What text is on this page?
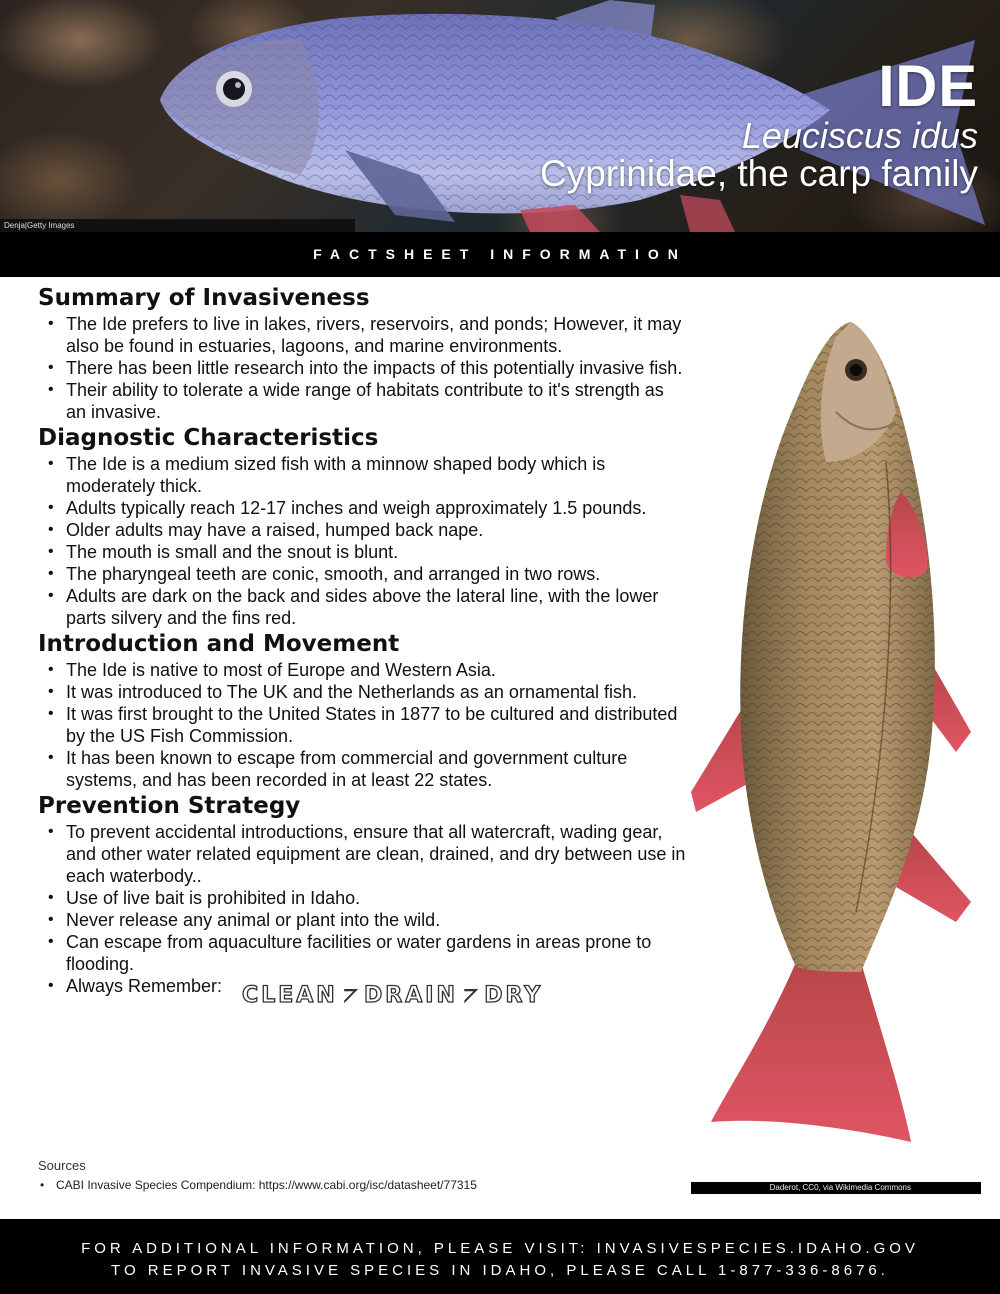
IDE
Leuciscus idus
Cyprinidae, the carp family
Denja|Getty Images
FACTSHEET INFORMATION
Summary of Invasiveness
• The Ide prefers to live in lakes, rivers, reservoirs, and ponds; However, it may also be found in estuaries, lagoons, and marine environments.
• There has been little research into the impacts of this potentially invasive fish.
• Their ability to tolerate a wide range of habitats contribute to it's strength as an invasive.
Diagnostic Characteristics
• The Ide is a medium sized fish with a minnow shaped body which is moderately thick.
• Adults typically reach 12-17 inches and weigh approximately 1.5 pounds.
• Older adults may have a raised, humped back nape.
• The mouth is small and the snout is blunt.
• The pharyngeal teeth are conic, smooth, and arranged in two rows.
• Adults are dark on the back and sides above the lateral line, with the lower parts silvery and the fins red.
Introduction and Movement
• The Ide is native to most of Europe and Western Asia.
• It was introduced to The UK and the Netherlands as an ornamental fish.
• It was first brought to the United States in 1877 to be cultured and distributed by the US Fish Commission.
• It has been known to escape from commercial and government culture systems, and has been recorded in at least 22 states.
Prevention Strategy
• To prevent accidental introductions, ensure that all watercraft, wading gear, and other water related equipment are clean, drained, and dry between use in each waterbody..
• Use of live bait is prohibited in Idaho.
• Never release any animal or plant into the wild.
• Can escape from aquaculture facilities or water gardens in areas prone to flooding.
• Always Remember: CLEAN ⦢ DRAIN ⦢ DRY
Sources
• CABI Invasive Species Compendium: https://www.cabi.org/isc/datasheet/77315	Daderot, CC0, via Wikimedia Commons
FOR ADDITIONAL INFORMATION, PLEASE VISIT: INVASIVESPECIES.IDAHO.GOV
TO REPORT INVASIVE SPECIES IN IDAHO, PLEASE CALL 1-877-336-8676.
